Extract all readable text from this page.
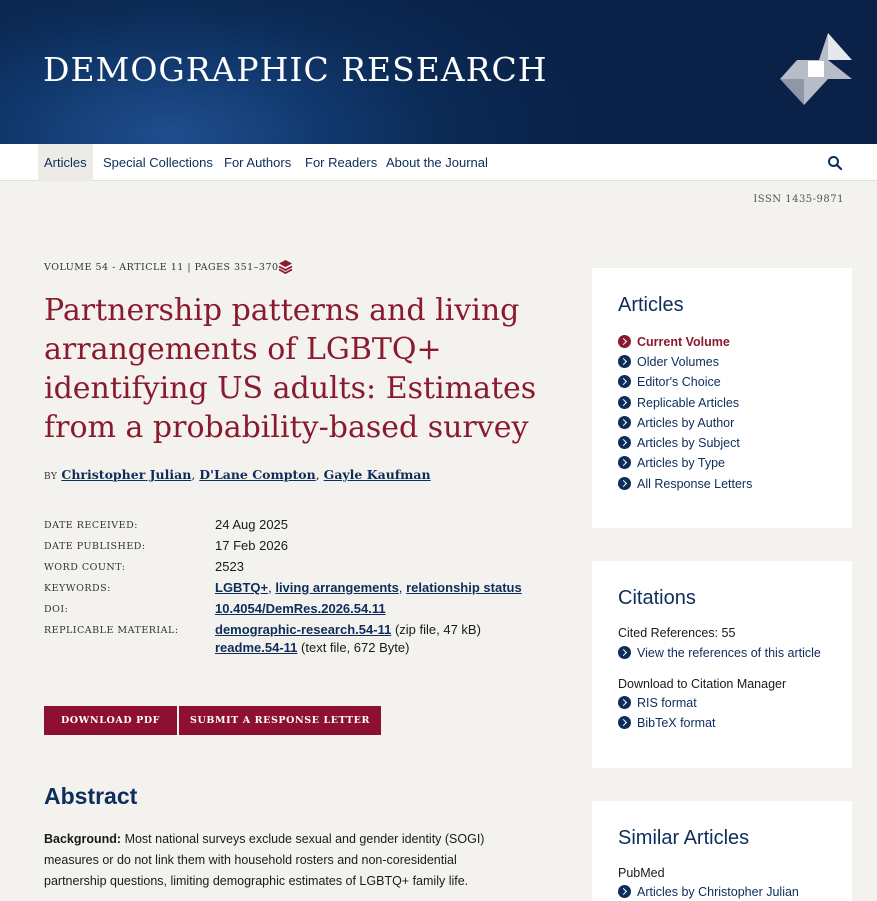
DEMOGRAPHIC RESEARCH
Articles	Special Collections For Authors	For Readers About the Journal
ISSN 1435-9871
VOLUME 54 - ARTICLE 11 | PAGES 351–370
Partnership patterns and living arrangements of LGBTQ+ identifying US adults: Estimates from a probability-based survey
BY Christopher Julian, D'Lane Compton, Gayle Kaufman
DATE RECEIVED:	24 Aug 2025
DATE PUBLISHED:	17 Feb 2026
WORD COUNT:	2523
KEYWORDS:	LGBTQ+, living arrangements, relationship status
DOI:	10.4054/DemRes.2026.54.11
REPLICABLE MATERIAL:	demographic-research.54-11 (zip file, 47 kB)
readme.54-11 (text file, 672 Byte)
DOWNLOAD PDF	SUBMIT A RESPONSE LETTER
Abstract

Background: Most national surveys exclude sexual and gender identity (SOGI) measures or do not link them with household rosters and non-coresidential partnership questions, limiting demographic estimates of LGBTQ+ family life.

Articles
Current Volume
Older Volumes
Editor's Choice
Replicable Articles
Articles by Author
Articles by Subject
Articles by Type
All Response Letters
Citations
Cited References: 55
View the references of this article
Download to Citation Manager
RIS format
BibTeX format
Similar Articles
PubMed
Articles by Christopher Julian
